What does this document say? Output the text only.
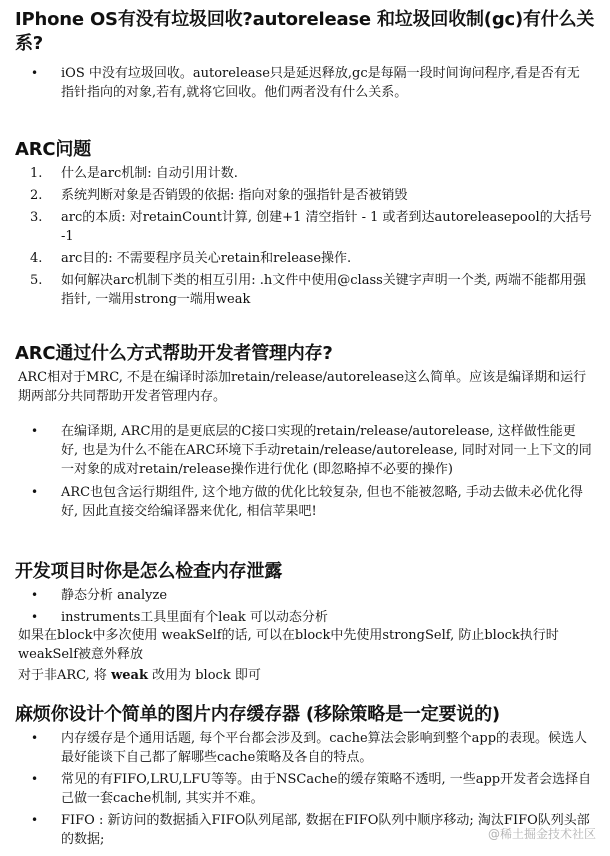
IPhone OS有没有垃圾回收?autorelease 和垃圾回收制(gc)有什么关系?
• iOS 中没有垃圾回收。autorelease只是延迟释放,gc是每隔一段时间询问程序,看是否有无指针指向的对象,若有,就将它回收。他们两者没有什么关系。
ARC问题
1. 什么是arc机制: 自动引用计数.
2. 系统判断对象是否销毁的依据: 指向对象的强指针是否被销毁
3. arc的本质: 对retainCount计算, 创建+1 清空指针 - 1 或者到达autoreleasepool的大括号 -1
4. arc目的: 不需要程序员关心retain和release操作.
5. 如何解决arc机制下类的相互引用: .h文件中使用@class关键字声明一个类, 两端不能都用强指针, 一端用strong一端用weak
ARC通过什么方式帮助开发者管理内存?

ARC相对于MRC, 不是在编译时添加retain/release/autorelease这么简单。应该是编译期和运行期两部分共同帮助开发者管理内存。

• 在编译期, ARC用的是更底层的C接口实现的retain/release/autorelease, 这样做性能更好, 也是为什么不能在ARC环境下手动retain/release/autorelease, 同时对同一上下文的同一对象的成对retain/release操作进行优化 (即忽略掉不必要的操作)
• ARC也包含运行期组件, 这个地方做的优化比较复杂, 但也不能被忽略, 手动去做未必优化得好, 因此直接交给编译器来优化, 相信苹果吧!
开发项目时你是怎么检查内存泄露
• 静态分析 analyze
• instruments工具里面有个leak 可以动态分析

如果在block中多次使用 weakSelf的话, 可以在block中先使用strongSelf, 防止block执行时weakSelf被意外释放

对于非ARC, 将 weak 改用为 block 即可

麻烦你设计个简单的图片内存缓存器 (移除策略是一定要说的)
• 内存缓存是个通用话题, 每个平台都会涉及到。cache算法会影响到整个app的表现。候选人最好能谈下自己都了解哪些cache策略及各自的特点。
• 常见的有FIFO,LRU,LFU等等。由于NSCache的缓存策略不透明, 一些app开发者会选择自己做一套cache机制, 其实并不难。
• FIFO : 新访问的数据插入FIFO队列尾部, 数据在FIFO队列中顺序移动; 淘汰FIFO队列头部的数据;	@稀土掘金技术社区
